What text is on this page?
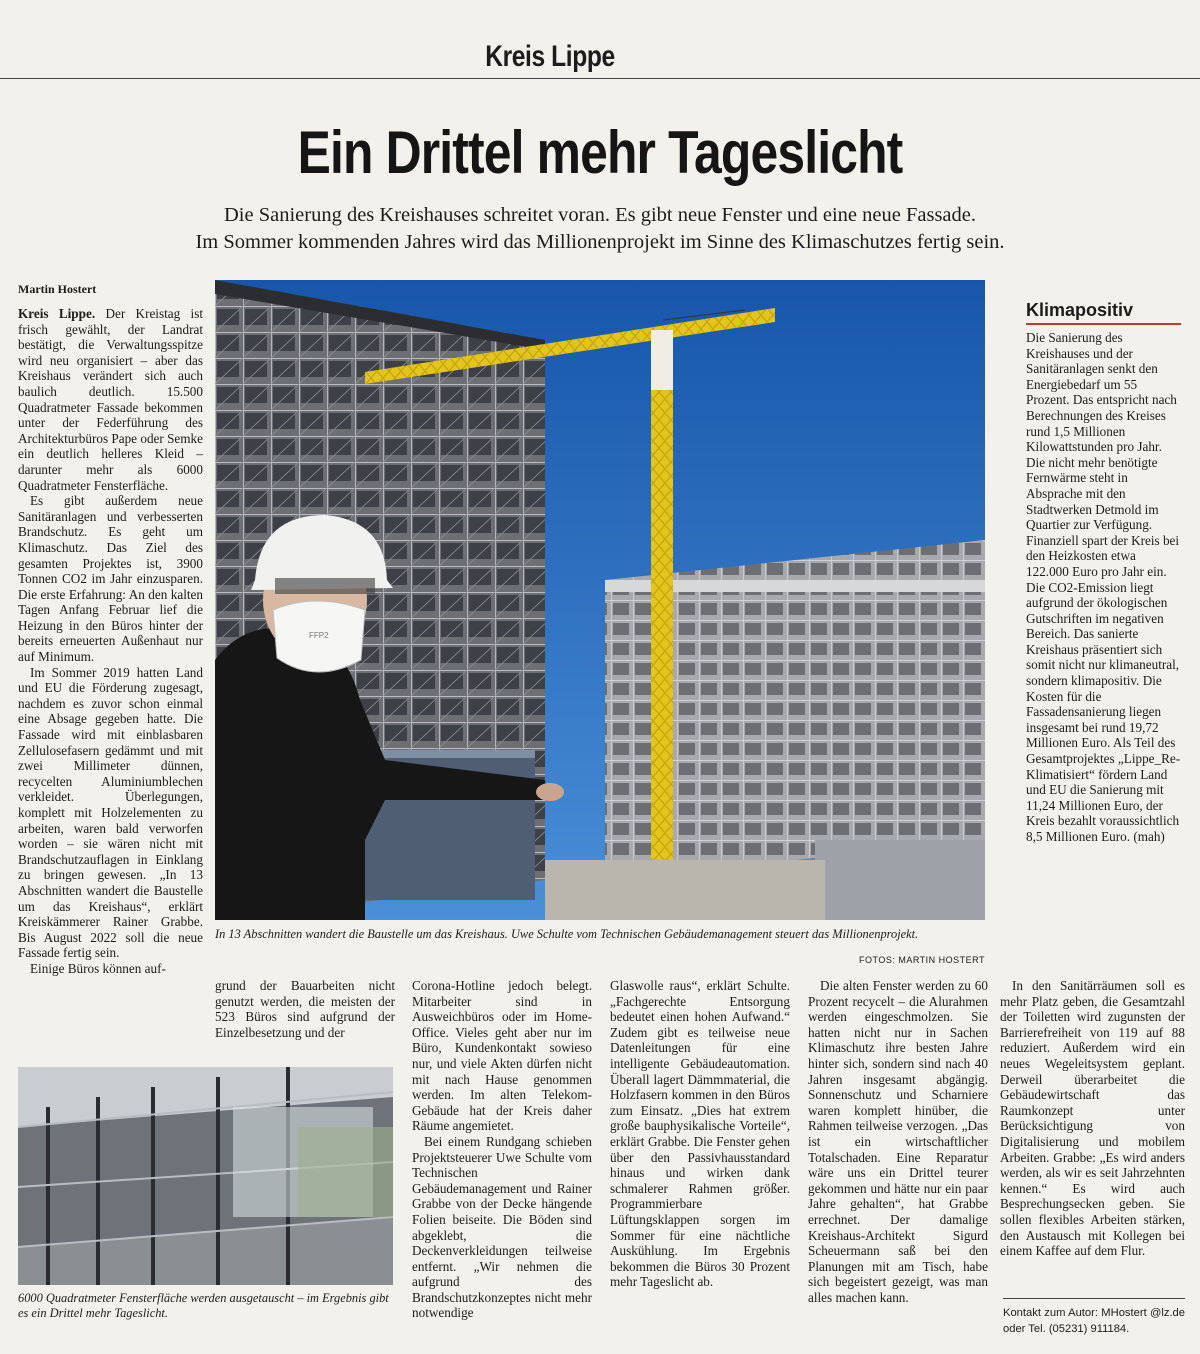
Kreis Lippe
Ein Drittel mehr Tageslicht
Die Sanierung des Kreishauses schreitet voran. Es gibt neue Fenster und eine neue Fassade.
Im Sommer kommenden Jahres wird das Millionenprojekt im Sinne des Klimaschutzes fertig sein.
Martin Hostert

Kreis Lippe. Der Kreistag ist frisch gewählt, der Landrat bestätigt, die Verwaltungsspitze wird neu organisiert – aber das Kreishaus verändert sich auch baulich deutlich. 15.500 Quadratmeter Fassade bekommen unter der Federführung des Architekturbüros Pape oder Semke ein deutlich helleres Kleid – darunter mehr als 6000 Quadratmeter Fensterfläche.

Es gibt außerdem neue Sanitäranlagen und verbesserten Brandschutz. Es geht um Klimaschutz. Das Ziel des gesamten Projektes ist, 3900 Tonnen CO2 im Jahr einzusparen. Die erste Erfahrung: An den kalten Tagen Anfang Februar lief die Heizung in den Büros hinter der bereits erneuerten Außenhaut nur auf Minimum.

Im Sommer 2019 hatten Land und EU die Förderung zugesagt, nachdem es zuvor schon einmal eine Absage gegeben hatte. Die Fassade wird mit einblasbaren Zellulosefasern gedämmt und mit zwei Millimeter dünnen, recycelten Aluminiumblechen verkleidet. Überlegungen, komplett mit Holzelementen zu arbeiten, waren bald verworfen worden – sie wären nicht mit Brandschutzauflagen in Einklang zu bringen gewesen. „In 13 Abschnitten wandert die Baustelle um das Kreishaus“, erklärt Kreiskämmerer Rainer Grabbe. Bis August 2022 soll die neue Fassade fertig sein.

Einige Büros können auf-

FFP2
In 13 Abschnitten wandert die Baustelle um das Kreishaus. Uwe Schulte vom Technischen Gebäudemanagement steuert das Millionenprojekt.
FOTOS: MARTIN HOSTERT
Klimapositiv
Die Sanierung des Kreishauses und der Sanitäranlagen senkt den Energiebedarf um 55 Prozent. Das entspricht nach Berechnungen des Kreises rund 1,5 Millionen Kilowattstunden pro Jahr. Die nicht mehr benötigte Fernwärme steht in Absprache mit den Stadtwerken Detmold im Quartier zur Verfügung. Finanziell spart der Kreis bei den Heizkosten etwa 122.000 Euro pro Jahr ein. Die CO2-Emission liegt aufgrund der ökologischen Gutschriften im negativen Bereich. Das sanierte Kreishaus präsentiert sich somit nicht nur klimaneutral, sondern klimapositiv. Die Kosten für die Fassadensanierung liegen insgesamt bei rund 19,72 Millionen Euro. Als Teil des Gesamtprojektes „Lippe_Re-Klimatisiert“ fördern Land und EU die Sanierung mit 11,24 Millionen Euro, der Kreis bezahlt voraussichtlich 8,5 Millionen Euro. (mah)

grund der Bauarbeiten nicht genutzt werden, die meisten der 523 Büros sind aufgrund der Einzelbesetzung und der

Corona-Hotline jedoch belegt. Mitarbeiter sind in Ausweichbüros oder im Home-Office. Vieles geht aber nur im Büro, Kundenkontakt sowieso nur, und viele Akten dürfen nicht mit nach Hause genommen werden. Im alten Telekom-Gebäude hat der Kreis daher Räume angemietet.

Bei einem Rundgang schieben Projektsteuerer Uwe Schulte vom Technischen Gebäudemanagement und Rainer Grabbe von der Decke hängende Folien beiseite. Die Böden sind abgeklebt, die Deckenverkleidungen teilweise entfernt. „Wir nehmen die aufgrund des Brandschutzkonzeptes nicht mehr notwendige

Glaswolle raus“, erklärt Schulte. „Fachgerechte Entsorgung bedeutet einen hohen Aufwand.“ Zudem gibt es teilweise neue Datenleitungen für eine intelligente Gebäudeautomation. Überall lagert Dämmmaterial, die Holzfasern kommen in den Büros zum Einsatz. „Dies hat extrem große bauphysikalische Vorteile“, erklärt Grabbe. Die Fenster gehen über den Passivhausstandard hinaus und wirken dank schmalerer Rahmen größer. Programmierbare Lüftungsklappen sorgen im Sommer für eine nächtliche Auskühlung. Im Ergebnis bekommen die Büros 30 Prozent mehr Tageslicht ab.

Die alten Fenster werden zu 60 Prozent recycelt – die Alurahmen werden eingeschmolzen. Sie hatten nicht nur in Sachen Klimaschutz ihre besten Jahre hinter sich, sondern sind nach 40 Jahren insgesamt abgängig. Sonnenschutz und Scharniere waren komplett hinüber, die Rahmen teilweise verzogen. „Das ist ein wirtschaftlicher Totalschaden. Eine Reparatur wäre uns ein Drittel teurer gekommen und hätte nur ein paar Jahre gehalten“, hat Grabbe errechnet. Der damalige Kreishaus-Architekt Sigurd Scheuermann saß bei den Planungen mit am Tisch, habe sich begeistert gezeigt, was man alles machen kann.

In den Sanitärräumen soll es mehr Platz geben, die Gesamtzahl der Toiletten wird zugunsten der Barrierefreiheit von 119 auf 88 reduziert. Außerdem wird ein neues Wegeleitsystem geplant. Derweil überarbeitet die Gebäudewirtschaft das Raumkonzept unter Berücksichtigung von Digitalisierung und mobilem Arbeiten. Grabbe: „Es wird anders werden, als wir es seit Jahrzehnten kennen.“ Es wird auch Besprechungsecken geben. Sie sollen flexibles Arbeiten stärken, den Austausch mit Kollegen bei einem Kaffee auf dem Flur.

6000 Quadratmeter Fensterfläche werden ausgetauscht – im Ergebnis gibt es ein Drittel mehr Tageslicht.	Kontakt zum Autor: MHostert @lz.de oder Tel. (05231) 911184.
